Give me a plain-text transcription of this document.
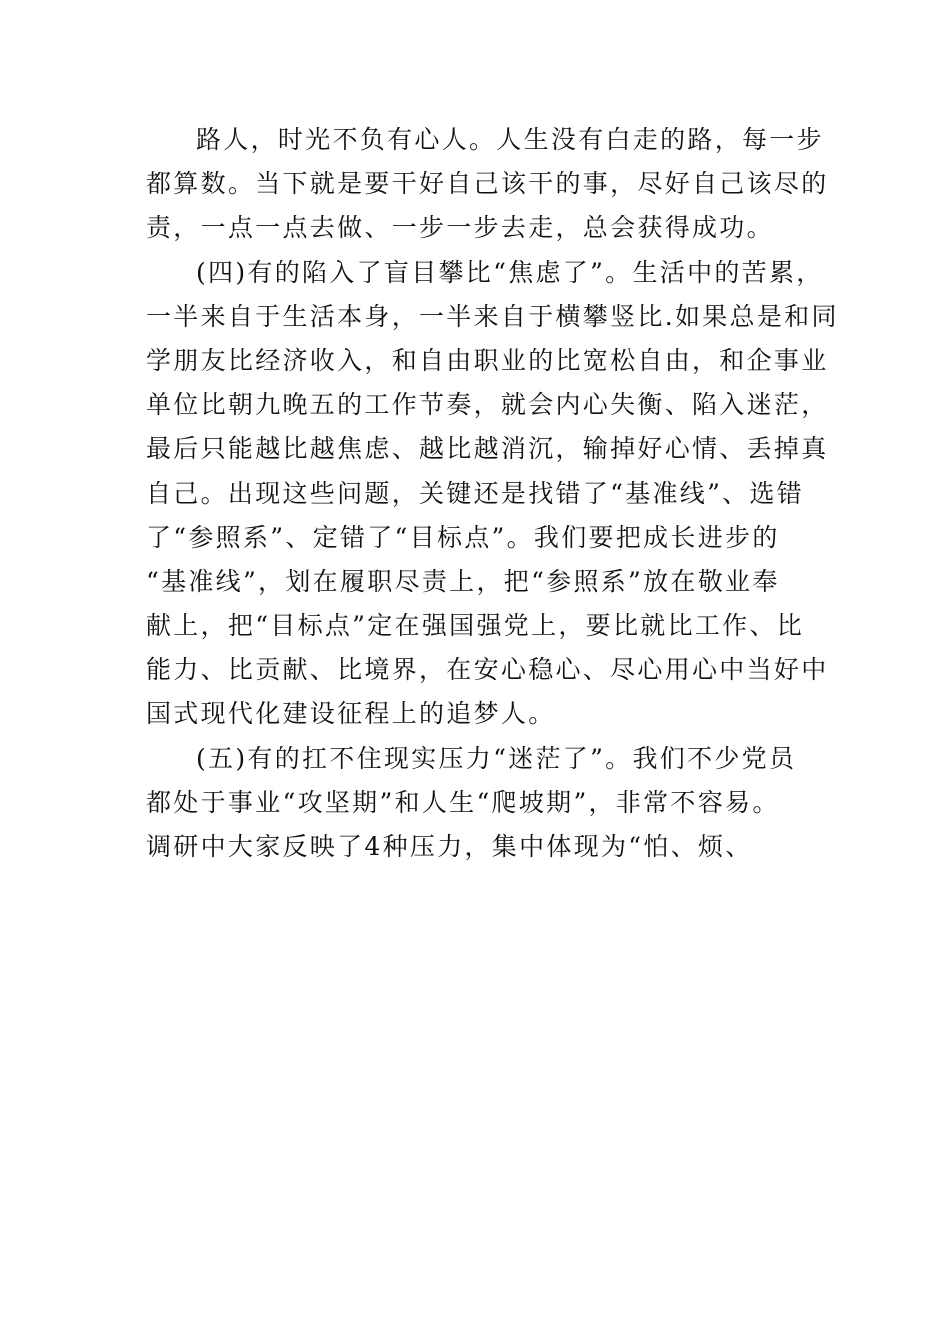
路人，时光不负有心人。人生没有白走的路，每一步
都算数。当下就是要干好自己该干的事，尽好自己该尽的
责，一点一点去做、一步一步去走，总会获得成功。
(四)有的陷入了盲目攀比“焦虑了”。生活中的苦累，
一半来自于生活本身，一半来自于横攀竖比.如果总是和同
学朋友比经济收入，和自由职业的比宽松自由，和企事业
单位比朝九晚五的工作节奏，就会内心失衡、陷入迷茫，
最后只能越比越焦虑、越比越消沉，输掉好心情、丢掉真
自己。出现这些问题，关键还是找错了“基准线”、选错
了“参照系”、定错了“目标点”。我们要把成长进步的
“基准线”，划在履职尽责上，把“参照系”放在敬业奉
献上，把“目标点”定在强国强党上，要比就比工作、比
能力、比贡献、比境界，在安心稳心、尽心用心中当好中
国式现代化建设征程上的追梦人。
(五)有的扛不住现实压力“迷茫了”。我们不少党员
都处于事业“攻坚期”和人生“爬坡期”，非常不容易。
调研中大家反映了4种压力，集中体现为“怕、烦、
